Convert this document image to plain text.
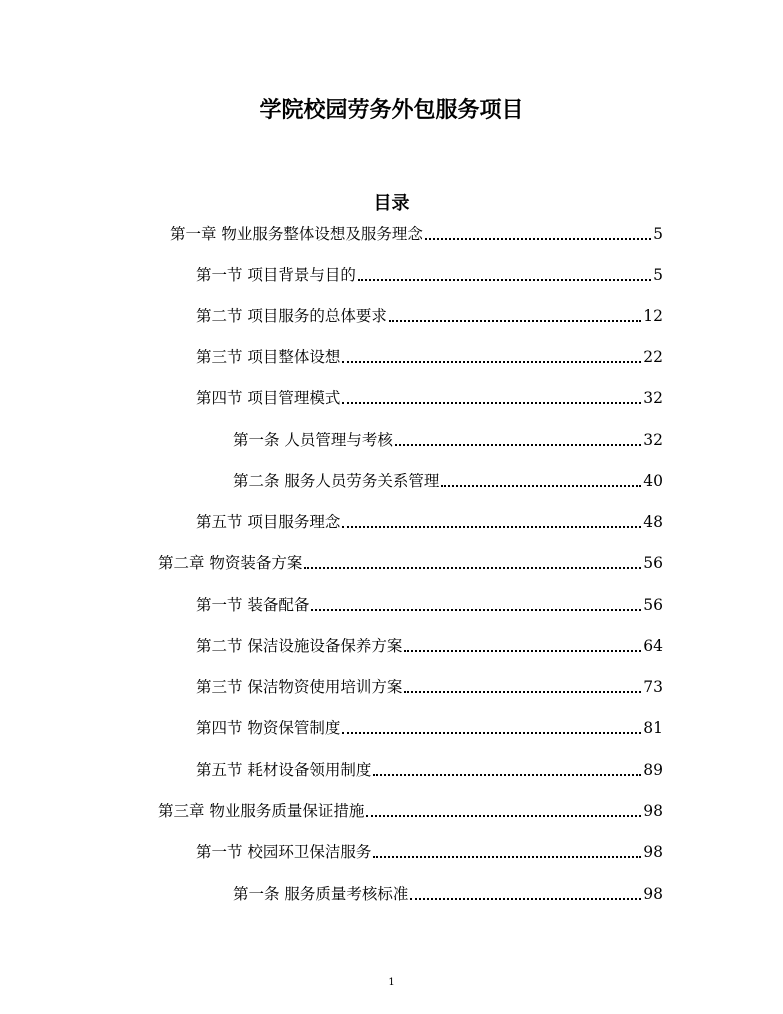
学院校园劳务外包服务项目
目录
第一章 物业服务整体设想及服务理念	5
第一节 项目背景与目的	5
第二节 项目服务的总体要求	12
第三节 项目整体设想	22
第四节 项目管理模式	32
第一条 人员管理与考核	32
第二条 服务人员劳务关系管理	40
第五节 项目服务理念	48
第二章 物资装备方案	56
第一节 装备配备	56
第二节 保洁设施设备保养方案	64
第三节 保洁物资使用培训方案	73
第四节 物资保管制度	81
第五节 耗材设备领用制度	89
第三章 物业服务质量保证措施	98
第一节 校园环卫保洁服务	98
第一条 服务质量考核标准	98
1
